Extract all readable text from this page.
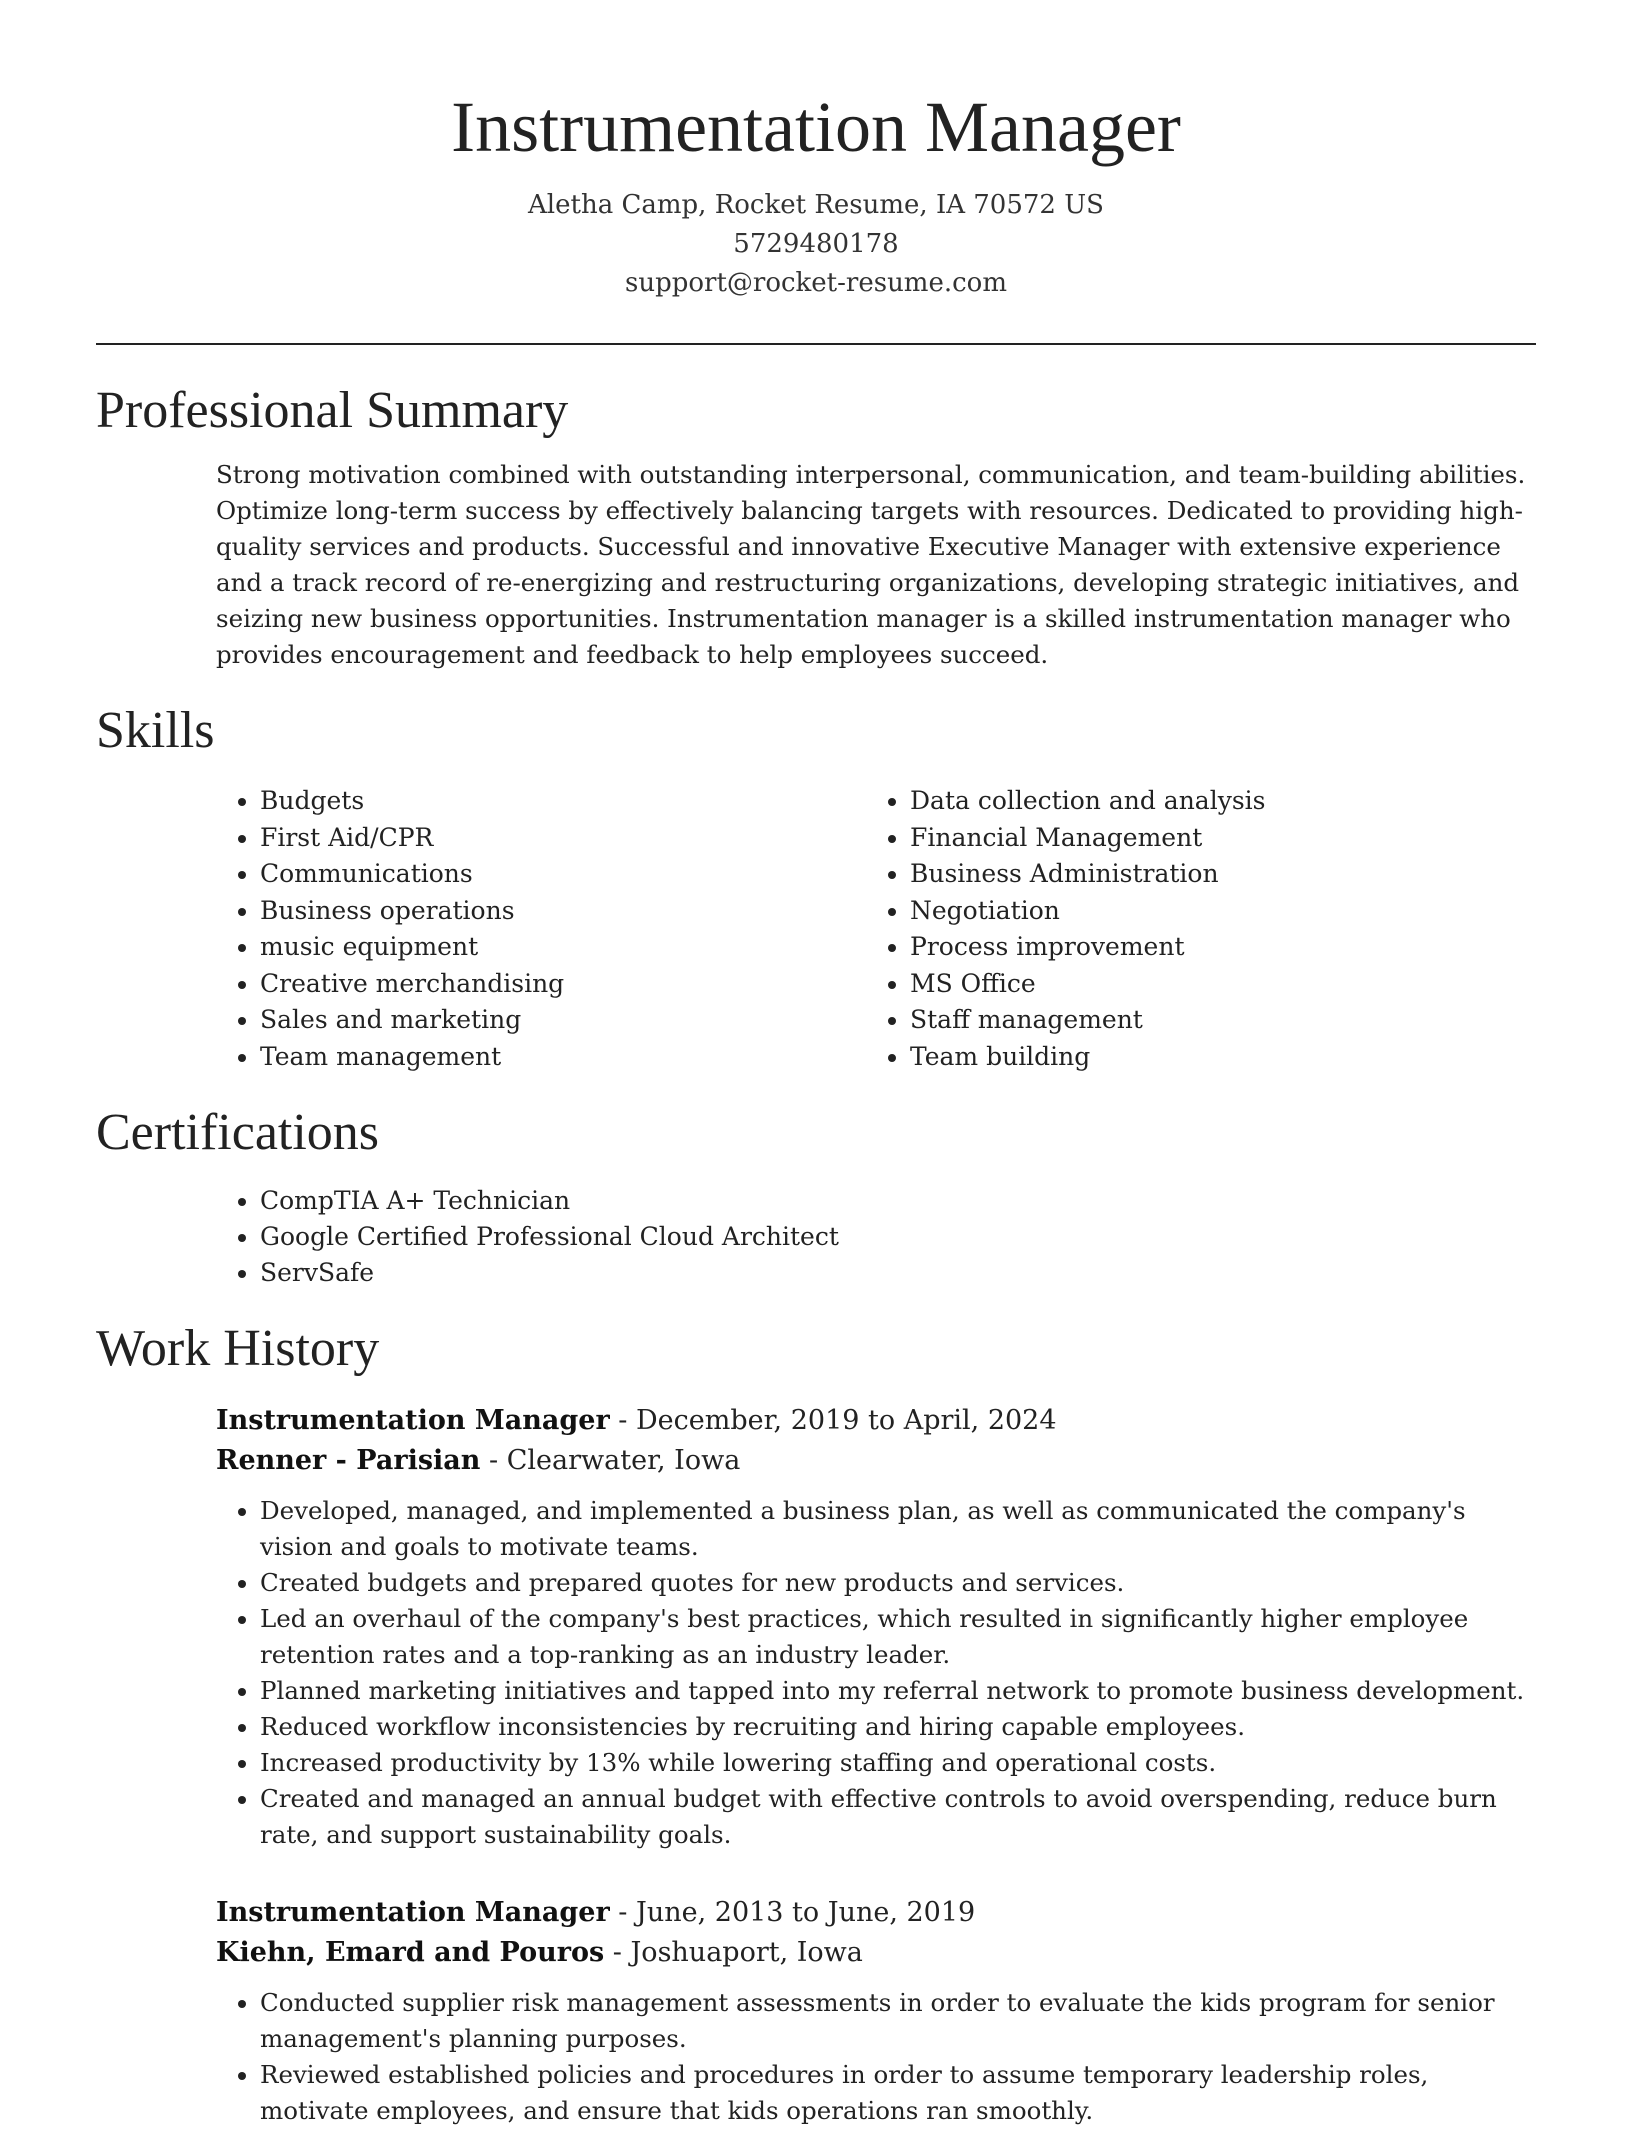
Instrumentation Manager
Aletha Camp, Rocket Resume, IA 70572 US
5729480178
support@rocket-resume.com
Professional Summary

Strong motivation combined with outstanding interpersonal, communication, and team-building abilities. Optimize long-term success by effectively balancing targets with resources. Dedicated to providing high-quality services and products. Successful and innovative Executive Manager with extensive experience and a track record of re-energizing and restructuring organizations, developing strategic initiatives, and seizing new business opportunities. Instrumentation manager is a skilled instrumentation manager who provides encouragement and feedback to help employees succeed.

Skills
• Budgets
• First Aid/CPR
• Communications
• Business operations
• music equipment
• Creative merchandising
• Sales and marketing
• Team management
• Data collection and analysis
• Financial Management
• Business Administration
• Negotiation
• Process improvement
• MS Office
• Staff management
• Team building
Certifications
• CompTIA A+ Technician
• Google Certified Professional Cloud Architect
• ServSafe
Work History
Instrumentation Manager - December, 2019 to April, 2024
Renner - Parisian - Clearwater, Iowa
• Developed, managed, and implemented a business plan, as well as communicated the company's vision and goals to motivate teams.
• Created budgets and prepared quotes for new products and services.
• Led an overhaul of the company's best practices, which resulted in significantly higher employee retention rates and a top-ranking as an industry leader.
• Planned marketing initiatives and tapped into my referral network to promote business development.
• Reduced workflow inconsistencies by recruiting and hiring capable employees.
• Increased productivity by 13% while lowering staffing and operational costs.
• Created and managed an annual budget with effective controls to avoid overspending, reduce burn rate, and support sustainability goals.
Instrumentation Manager - June, 2013 to June, 2019
Kiehn, Emard and Pouros - Joshuaport, Iowa
• Conducted supplier risk management assessments in order to evaluate the kids program for senior management's planning purposes.
• Reviewed established policies and procedures in order to assume temporary leadership roles, motivate employees, and ensure that kids operations ran smoothly.
